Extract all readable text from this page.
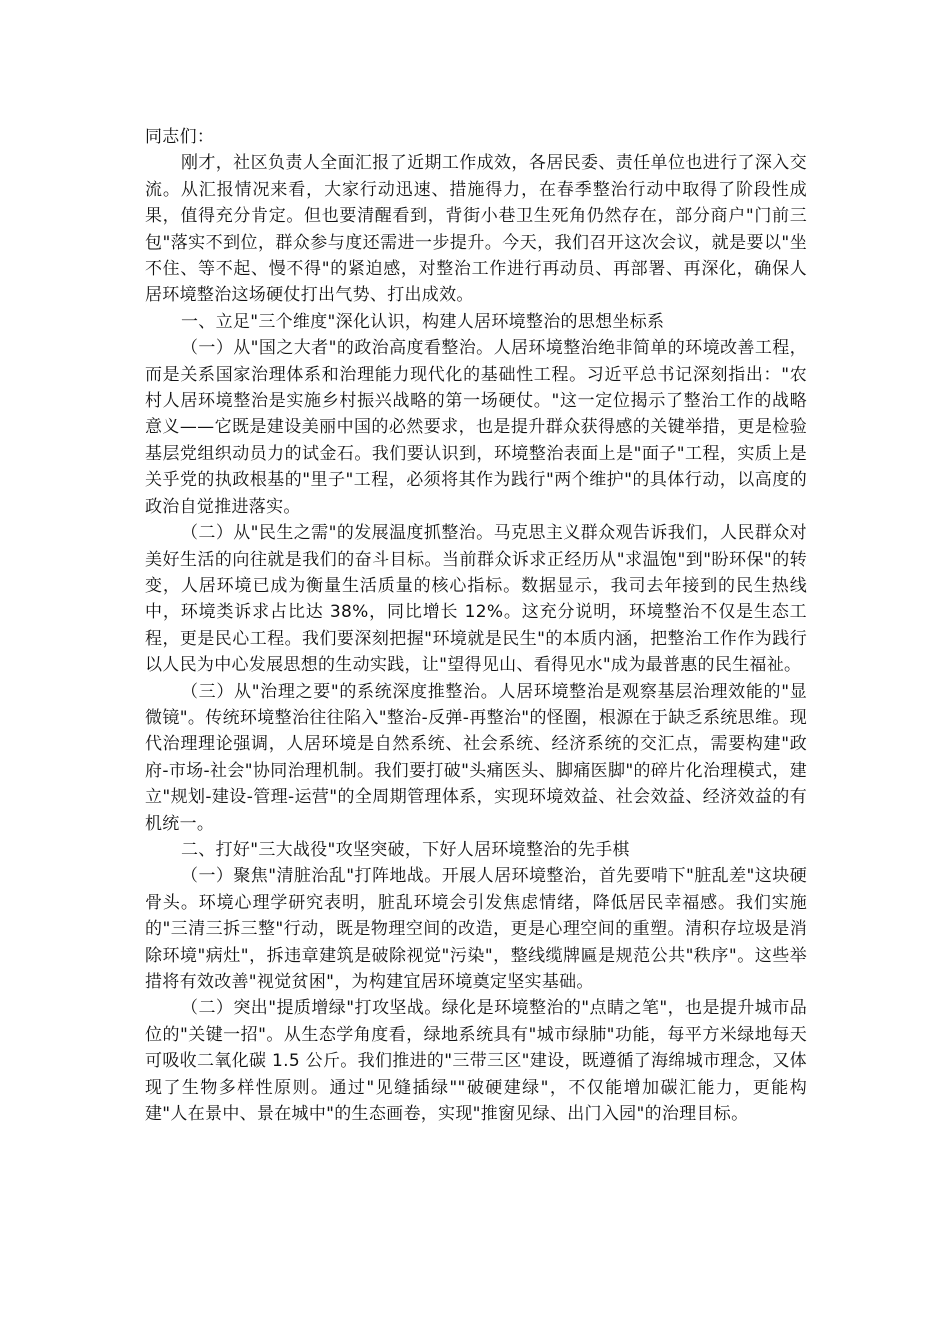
同志们：

刚才，社区负责人全面汇报了近期工作成效，各居民委、责任单位也进行了深入交流。从汇报情况来看，大家行动迅速、措施得力，在春季整治行动中取得了阶段性成果，值得充分肯定。但也要清醒看到，背街小巷卫生死角仍然存在，部分商户"门前三包"落实不到位，群众参与度还需进一步提升。今天，我们召开这次会议，就是要以"坐不住、等不起、慢不得"的紧迫感，对整治工作进行再动员、再部署、再深化，确保人居环境整治这场硬仗打出气势、打出成效。

一、立足"三个维度"深化认识，构建人居环境整治的思想坐标系

（一）从"国之大者"的政治高度看整治。人居环境整治绝非简单的环境改善工程，而是关系国家治理体系和治理能力现代化的基础性工程。习近平总书记深刻指出："农村人居环境整治是实施乡村振兴战略的第一场硬仗。"这一定位揭示了整治工作的战略意义——它既是建设美丽中国的必然要求，也是提升群众获得感的关键举措，更是检验基层党组织动员力的试金石。我们要认识到，环境整治表面上是"面子"工程，实质上是关乎党的执政根基的"里子"工程，必须将其作为践行"两个维护"的具体行动，以高度的政治自觉推进落实。

（二）从"民生之需"的发展温度抓整治。马克思主义群众观告诉我们，人民群众对美好生活的向往就是我们的奋斗目标。当前群众诉求正经历从"求温饱"到"盼环保"的转变，人居环境已成为衡量生活质量的核心指标。数据显示，我司去年接到的民生热线中，环境类诉求占比达 38%，同比增长 12%。这充分说明，环境整治不仅是生态工程，更是民心工程。我们要深刻把握"环境就是民生"的本质内涵，把整治工作作为践行以人民为中心发展思想的生动实践，让"望得见山、看得见水"成为最普惠的民生福祉。

（三）从"治理之要"的系统深度推整治。人居环境整治是观察基层治理效能的"显微镜"。传统环境整治往往陷入"整治-反弹-再整治"的怪圈，根源在于缺乏系统思维。现代治理理论强调，人居环境是自然系统、社会系统、经济系统的交汇点，需要构建"政府-市场-社会"协同治理机制。我们要打破"头痛医头、脚痛医脚"的碎片化治理模式，建立"规划-建设-管理-运营"的全周期管理体系，实现环境效益、社会效益、经济效益的有机统一。

二、打好"三大战役"攻坚突破，下好人居环境整治的先手棋

（一）聚焦"清脏治乱"打阵地战。开展人居环境整治，首先要啃下"脏乱差"这块硬骨头。环境心理学研究表明，脏乱环境会引发焦虑情绪，降低居民幸福感。我们实施的"三清三拆三整"行动，既是物理空间的改造，更是心理空间的重塑。清积存垃圾是消除环境"病灶"，拆违章建筑是破除视觉"污染"，整线缆牌匾是规范公共"秩序"。这些举措将有效改善"视觉贫困"，为构建宜居环境奠定坚实基础。

（二）突出"提质增绿"打攻坚战。绿化是环境整治的"点睛之笔"，也是提升城市品位的"关键一招"。从生态学角度看，绿地系统具有"城市绿肺"功能，每平方米绿地每天可吸收二氧化碳 1.5 公斤。我们推进的"三带三区"建设，既遵循了海绵城市理念，又体现了生物多样性原则。通过"见缝插绿""破硬建绿"，不仅能增加碳汇能力，更能构建"人在景中、景在城中"的生态画卷，实现"推窗见绿、出门入园"的治理目标。
